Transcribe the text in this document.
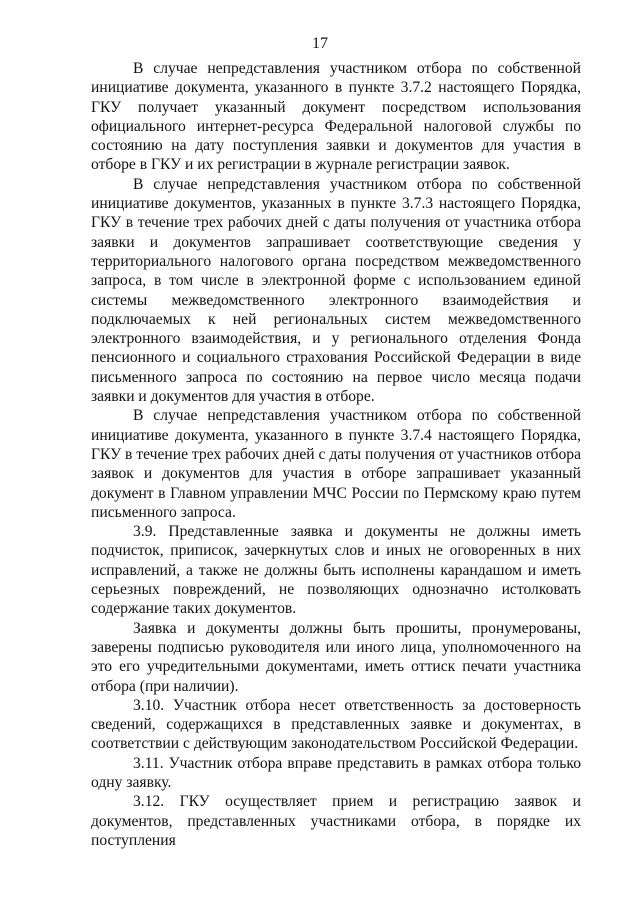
17

В случае непредставления участником отбора по собственной инициативе документа, указанного в пункте 3.7.2 настоящего Порядка, ГКУ получает указанный документ посредством использования официального интернет-ресурса Федеральной налоговой службы по состоянию на дату поступления заявки и документов для участия в отборе в ГКУ и их регистрации в журнале регистрации заявок.

В случае непредставления участником отбора по собственной инициативе документов, указанных в пункте 3.7.3 настоящего Порядка, ГКУ в течение трех рабочих дней с даты получения от участника отбора заявки и документов запрашивает соответствующие сведения у территориального налогового органа посредством межведомственного запроса, в том числе в электронной форме с использованием единой системы межведомственного электронного взаимодействия и подключаемых к ней региональных систем межведомственного электронного взаимодействия, и у регионального отделения Фонда пенсионного и социального страхования Российской Федерации в виде письменного запроса по состоянию на первое число месяца подачи заявки и документов для участия в отборе.

В случае непредставления участником отбора по собственной инициативе документа, указанного в пункте 3.7.4 настоящего Порядка, ГКУ в течение трех рабочих дней с даты получения от участников отбора заявок и документов для участия в отборе запрашивает указанный документ в Главном управлении МЧС России по Пермскому краю путем письменного запроса.

3.9. Представленные заявка и документы не должны иметь подчисток, приписок, зачеркнутых слов и иных не оговоренных в них исправлений, а также не должны быть исполнены карандашом и иметь серьезных повреждений, не позволяющих однозначно истолковать содержание таких документов.

Заявка и документы должны быть прошиты, пронумерованы, заверены подписью руководителя или иного лица, уполномоченного на это его учредительными документами, иметь оттиск печати участника отбора (при наличии).

3.10. Участник отбора несет ответственность за достоверность сведений, содержащихся в представленных заявке и документах, в соответствии с действующим законодательством Российской Федерации.

3.11. Участник отбора вправе представить в рамках отбора только одну заявку.

3.12. ГКУ осуществляет прием и регистрацию заявок и документов, представленных участниками отбора, в порядке их поступления
